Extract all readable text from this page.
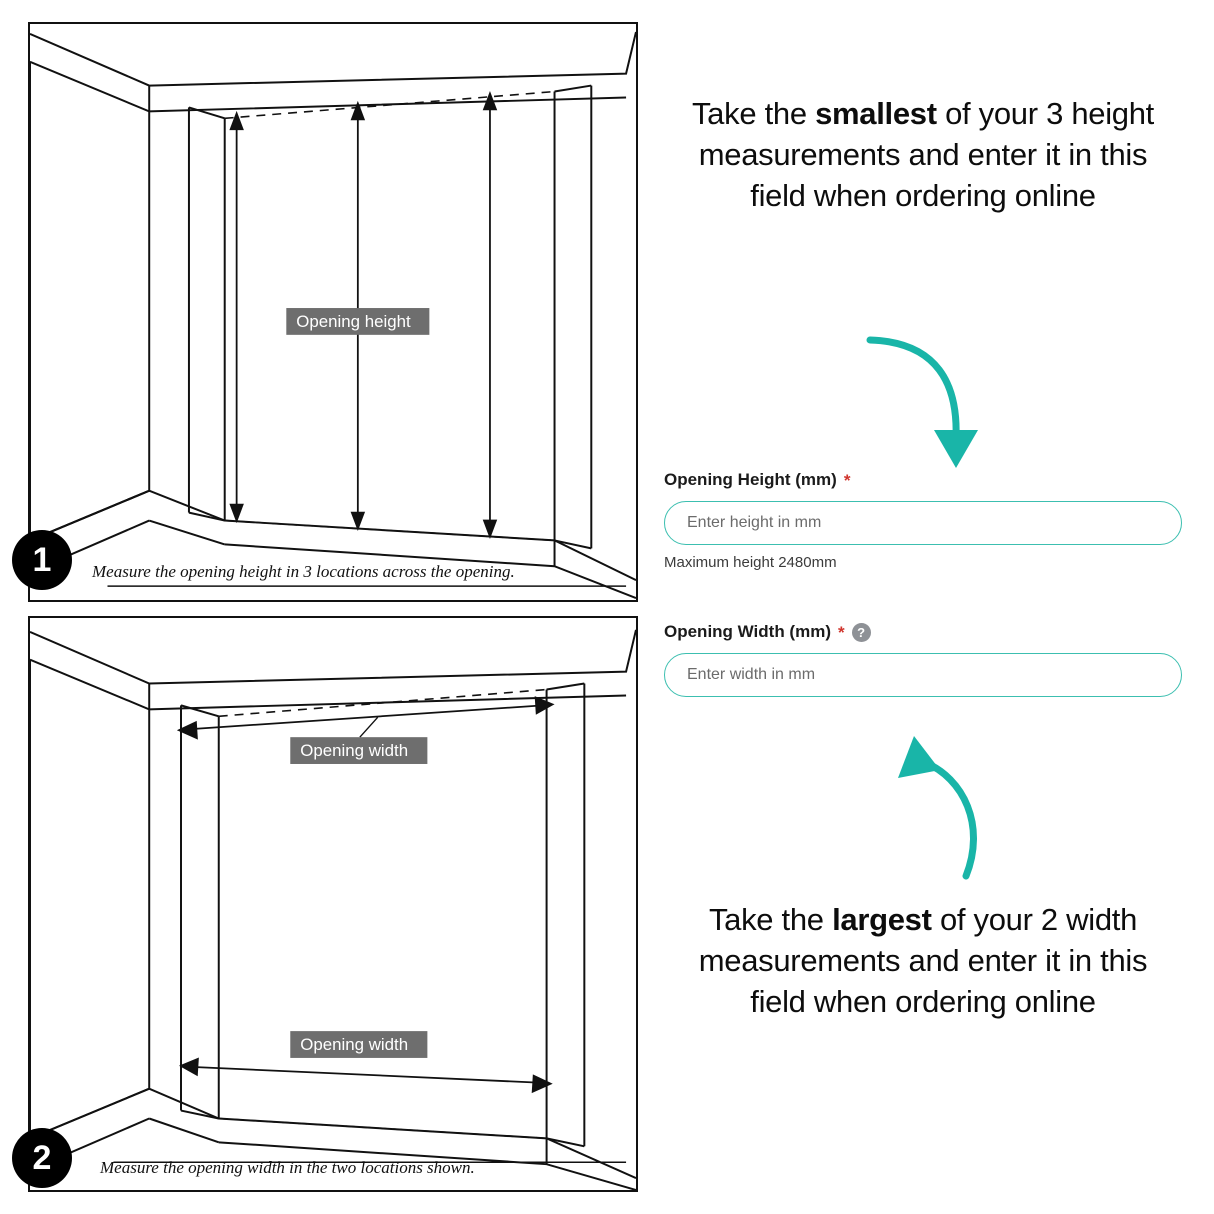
Opening height
1	Measure the opening height in 3 locations across the opening.
Opening width
Opening width
2	Measure the opening width in the two locations shown.
Take the smallest of your 3 height measurements and enter it in this field when ordering online
Opening Height (mm) *
Enter height in mm
Maximum height 2480mm
Opening Width (mm) * ?
Enter width in mm
Take the largest of your 2 width measurements and enter it in this field when ordering online
